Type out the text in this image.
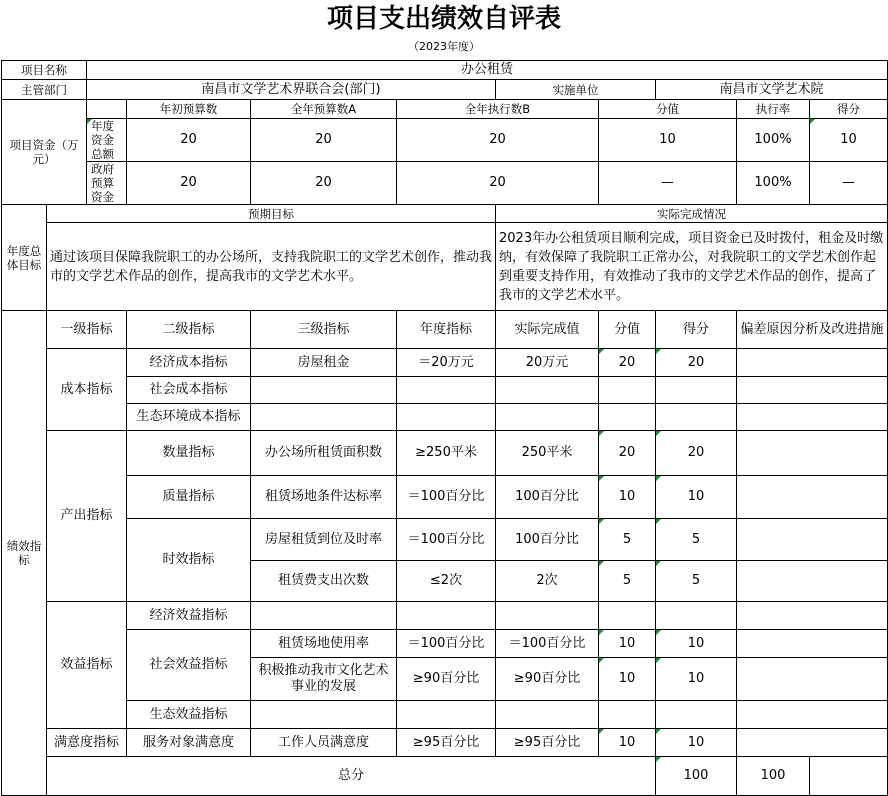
项目支出绩效自评表
（2023年度）
项目名称		办公租赁								
主管部门		南昌市文学艺术界联合会(部门)				实施单位		南昌市文学艺术院		
项目资金（万元）			年初预算数	全年预算数A	全年执行数B		分值		执行率	得分
		年度资金总额	20	20	20		10		100%	10
		政府预算资金	20	20	20		—		100%	—
年度总体目标	预期目标					实际完成情况				
	通过该项目保障我院职工的办公场所，支持我院职工的文学艺术创作，推动我市的文学艺术作品的创作，提高我市的文学艺术水平。					2023年办公租赁项目顺利完成，项目资金已及时拨付，租金及时缴纳，有效保障了我院职工正常办公，对我院职工的文学艺术创作起到重要支持作用，有效推动了我市的文学艺术作品的创作，提高了我市的文学艺术水平。				
绩效指标	一级指标		二级指标	三级指标	年度指标	实际完成值	分值	得分	偏差原因分析及改进措施	
	成本指标		经济成本指标	房屋租金	＝20万元	20万元	20	20		
			社会成本指标							
			生态环境成本指标							
	产出指标		数量指标	办公场所租赁面积数	≥250平米	250平米	20	20		
			质量指标	租赁场地条件达标率	＝100百分比	100百分比	10	10		
			时效指标	房屋租赁到位及时率	＝100百分比	100百分比	5	5		
				租赁费支出次数	≤2次	2次	5	5		
	效益指标		经济效益指标							
			社会效益指标	租赁场地使用率	＝100百分比	＝100百分比	10	10		
				积极推动我市文化艺术事业的发展	≥90百分比	≥90百分比	10	10		
			生态效益指标							
	满意度指标		服务对象满意度	工作人员满意度	≥95百分比	≥95百分比	10	10		
	总分							100	100	
